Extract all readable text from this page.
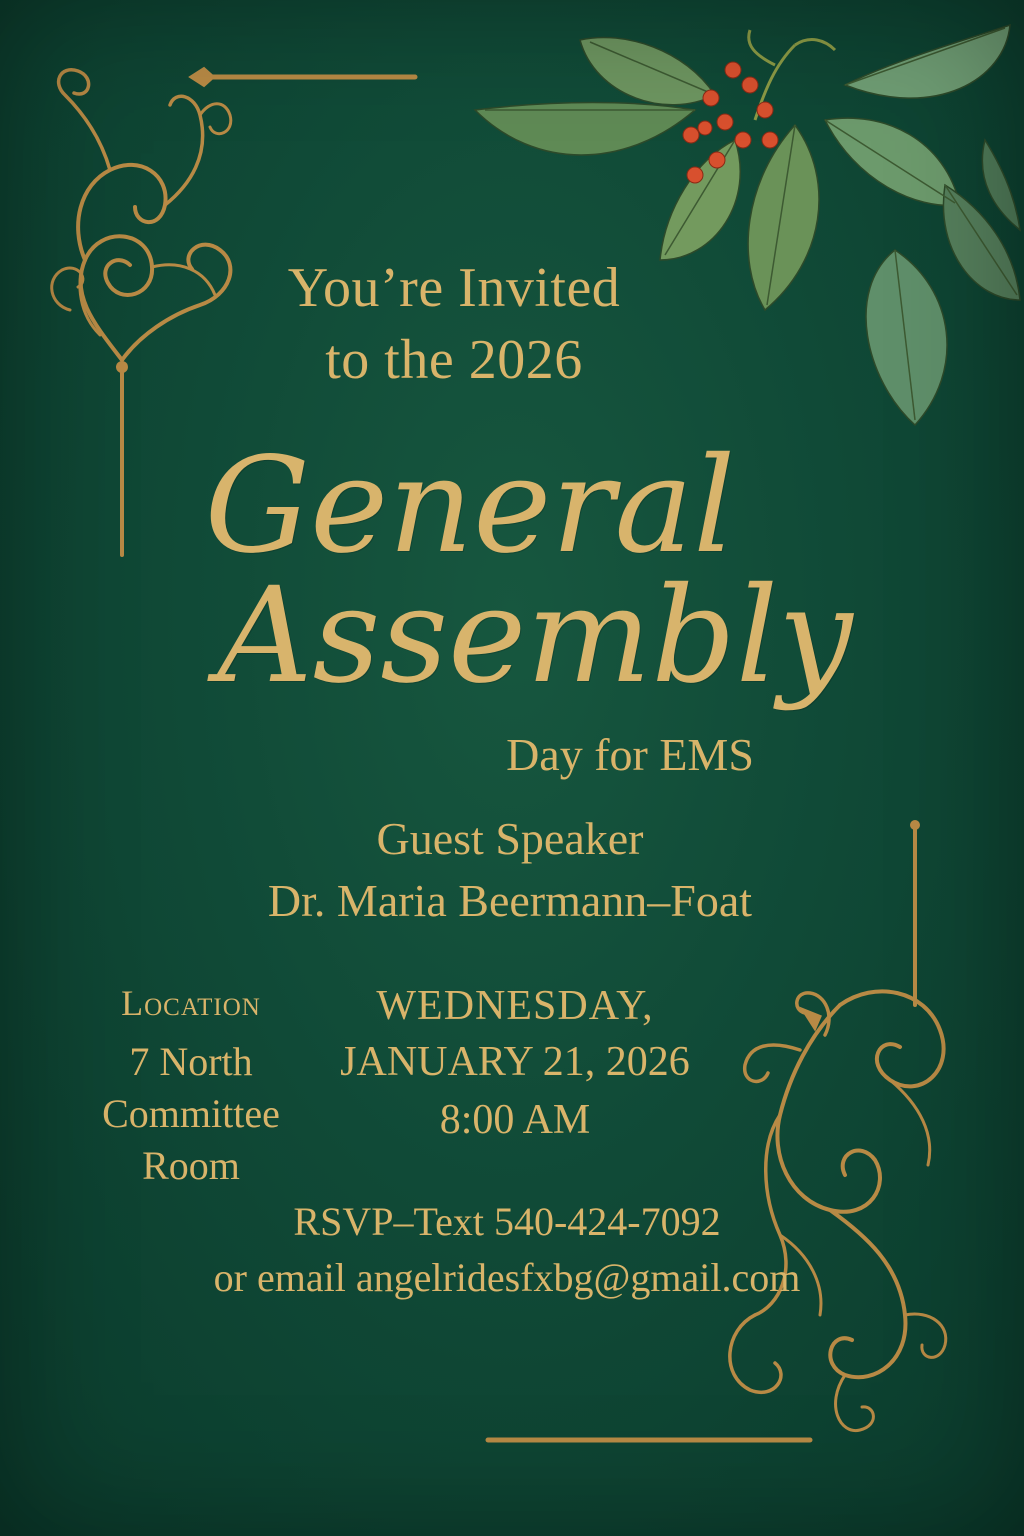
You’re Invited
to the 2026
General
Assembly
Day for EMS
Guest Speaker
Dr. Maria Beermann–Foat
Location
7 North
Committee
Room
WEDNESDAY,
JANUARY 21, 2026
8:00 AM
RSVP–Text 540-424-7092
or email angelridesfxbg@gmail.com
